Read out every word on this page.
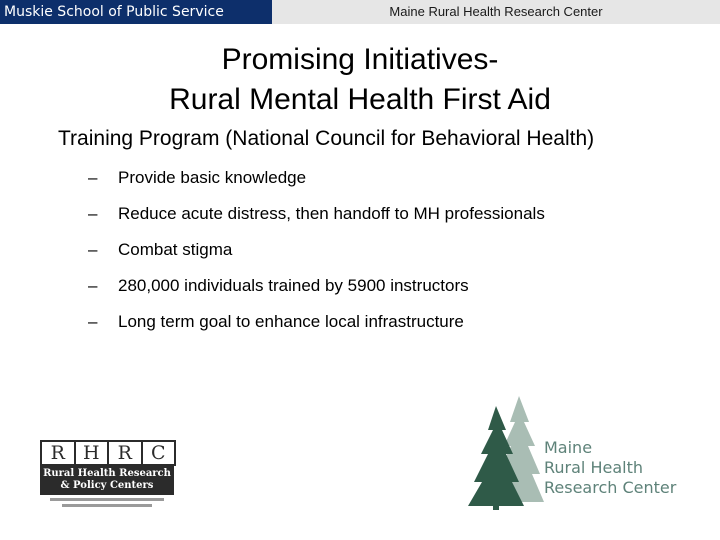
Muskie School of Public Service	Maine Rural Health Research Center
Promising Initiatives-
Rural Mental Health First Aid
Training Program (National Council for Behavioral Health)
– Provide basic knowledge
– Reduce acute distress, then handoff to MH professionals
– Combat stigma
– 280,000 individuals trained by 5900 instructors
– Long term goal to enhance local infrastructure
R H R	C
Rural Health Research
& Policy Centers
Maine
Rural Health
Research Center
